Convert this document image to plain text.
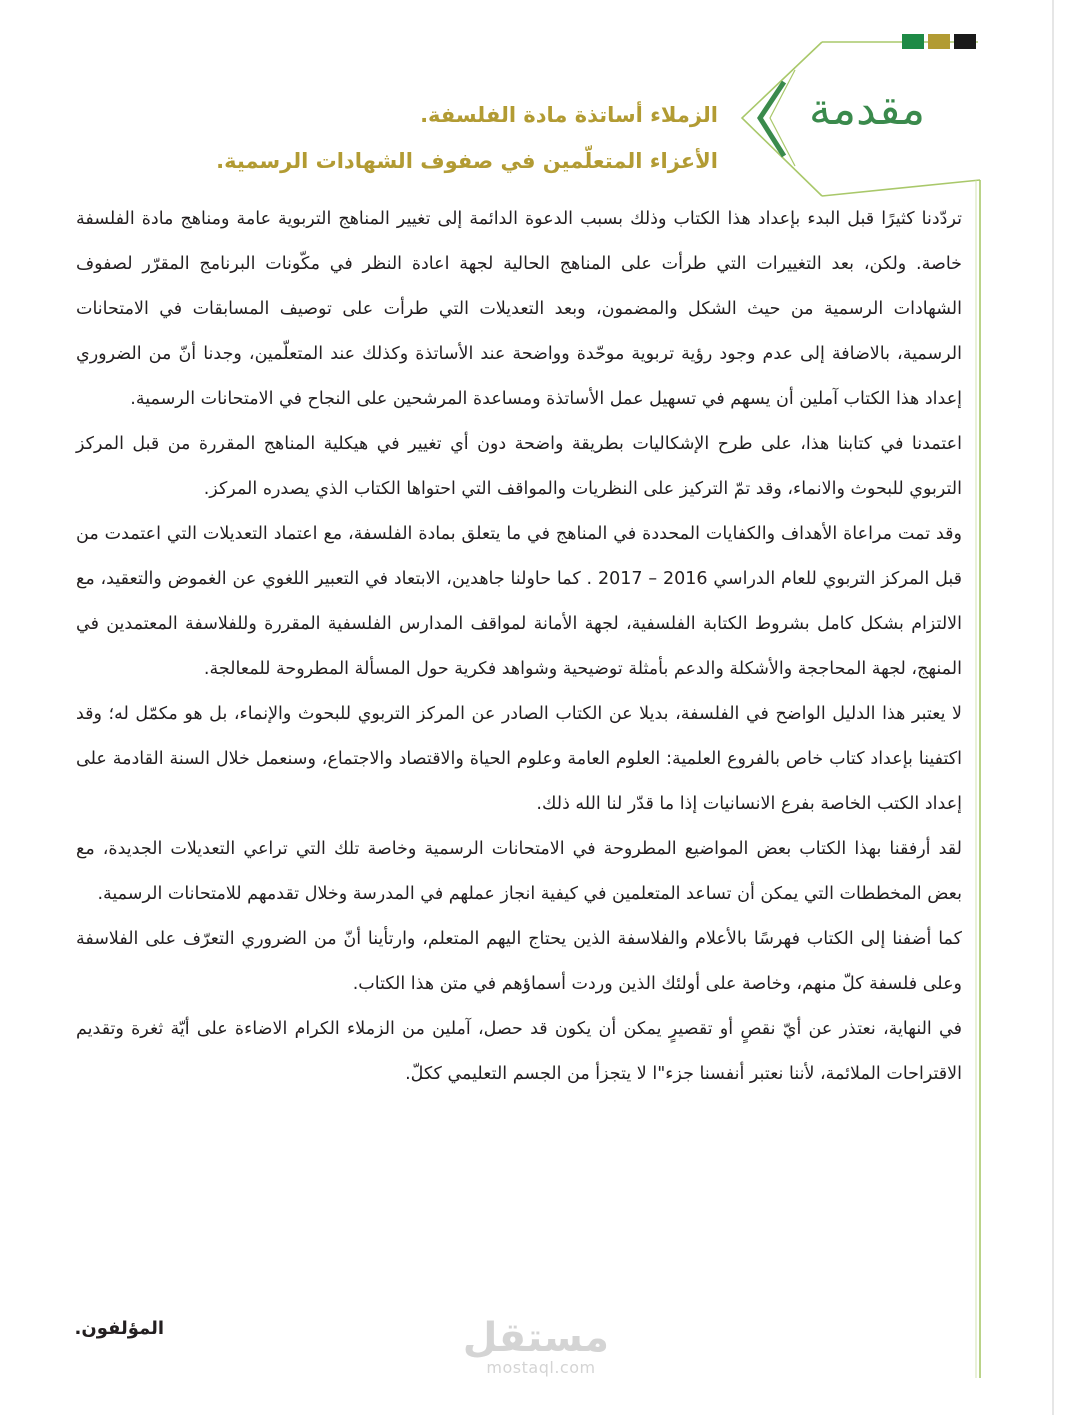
مقدمة
الزملاء أساتذة مادة الفلسفة.
الأعزاء المتعلّمين في صفوف الشهادات الرسمية.

تردّدنا كثيرًا قبل البدء بإعداد هذا الكتاب وذلك بسبب الدعوة الدائمة إلى تغيير المناهج التربوية عامة ومناهج مادة الفلسفة خاصة. ولكن، بعد التغييرات التي طرأت على المناهج الحالية لجهة اعادة النظر في مكّونات البرنامج المقرّر لصفوف الشهادات الرسمية من حيث الشكل والمضمون، وبعد التعديلات التي طرأت على توصيف المسابقات في الامتحانات الرسمية، بالاضافة إلى عدم وجود رؤية تربوية موحّدة وواضحة عند الأساتذة وكذلك عند المتعلّمين، وجدنا أنّ من الضروري إعداد هذا الكتاب آملين أن يسهم في تسهيل عمل الأساتذة ومساعدة المرشحين على النجاح في الامتحانات الرسمية.

اعتمدنا في كتابنا هذا، على طرح الإشكاليات بطريقة واضحة دون أي تغيير في هيكلية المناهج المقررة من قبل المركز التربوي للبحوث والانماء، وقد تمّ التركيز على النظريات والمواقف التي احتواها الكتاب الذي يصدره المركز.

وقد تمت مراعاة الأهداف والكفايات المحددة في المناهج في ما يتعلق بمادة الفلسفة، مع اعتماد التعديلات التي اعتمدت من قبل المركز التربوي للعام الدراسي 2016 – 2017 . كما حاولنا جاهدين، الابتعاد في التعبير اللغوي عن الغموض والتعقيد، مع الالتزام بشكل كامل بشروط الكتابة الفلسفية، لجهة الأمانة لمواقف المدارس الفلسفية المقررة وللفلاسفة المعتمدين في المنهج، لجهة المحاججة والأشكلة والدعم بأمثلة توضيحية وشواهد فكرية حول المسألة المطروحة للمعالجة.

لا يعتبر هذا الدليل الواضح في الفلسفة، بديلا عن الكتاب الصادر عن المركز التربوي للبحوث والإنماء، بل هو مكمّل له؛ وقد اكتفينا بإعداد كتاب خاص بالفروع العلمية: العلوم العامة وعلوم الحياة والاقتصاد والاجتماع، وسنعمل خلال السنة القادمة على إعداد الكتب الخاصة بفرع الانسانيات إذا ما قدّر لنا الله ذلك.

لقد أرفقنا بهذا الكتاب بعض المواضيع المطروحة في الامتحانات الرسمية وخاصة تلك التي تراعي التعديلات الجديدة، مع بعض المخططات التي يمكن أن تساعد المتعلمين في كيفية انجاز عملهم في المدرسة وخلال تقدمهم للامتحانات الرسمية.

كما أضفنا إلى الكتاب فهرسًا بالأعلام والفلاسفة الذين يحتاج اليهم المتعلم، وارتأينا أنّ من الضروري التعرّف على الفلاسفة وعلى فلسفة كلّ منهم، وخاصة على أولئك الذين وردت أسماؤهم في متن هذا الكتاب.

في النهاية، نعتذر عن أيّ نقصٍ أو تقصيرٍ يمكن أن يكون قد حصل، آملين من الزملاء الكرام الاضاءة على أيّة ثغرة وتقديم الاقتراحات الملائمة، لأننا نعتبر أنفسنا جزء"ا لا يتجزأ من الجسم التعليمي ككلّ.

المؤلفون.	مستقل
mostaql.com
